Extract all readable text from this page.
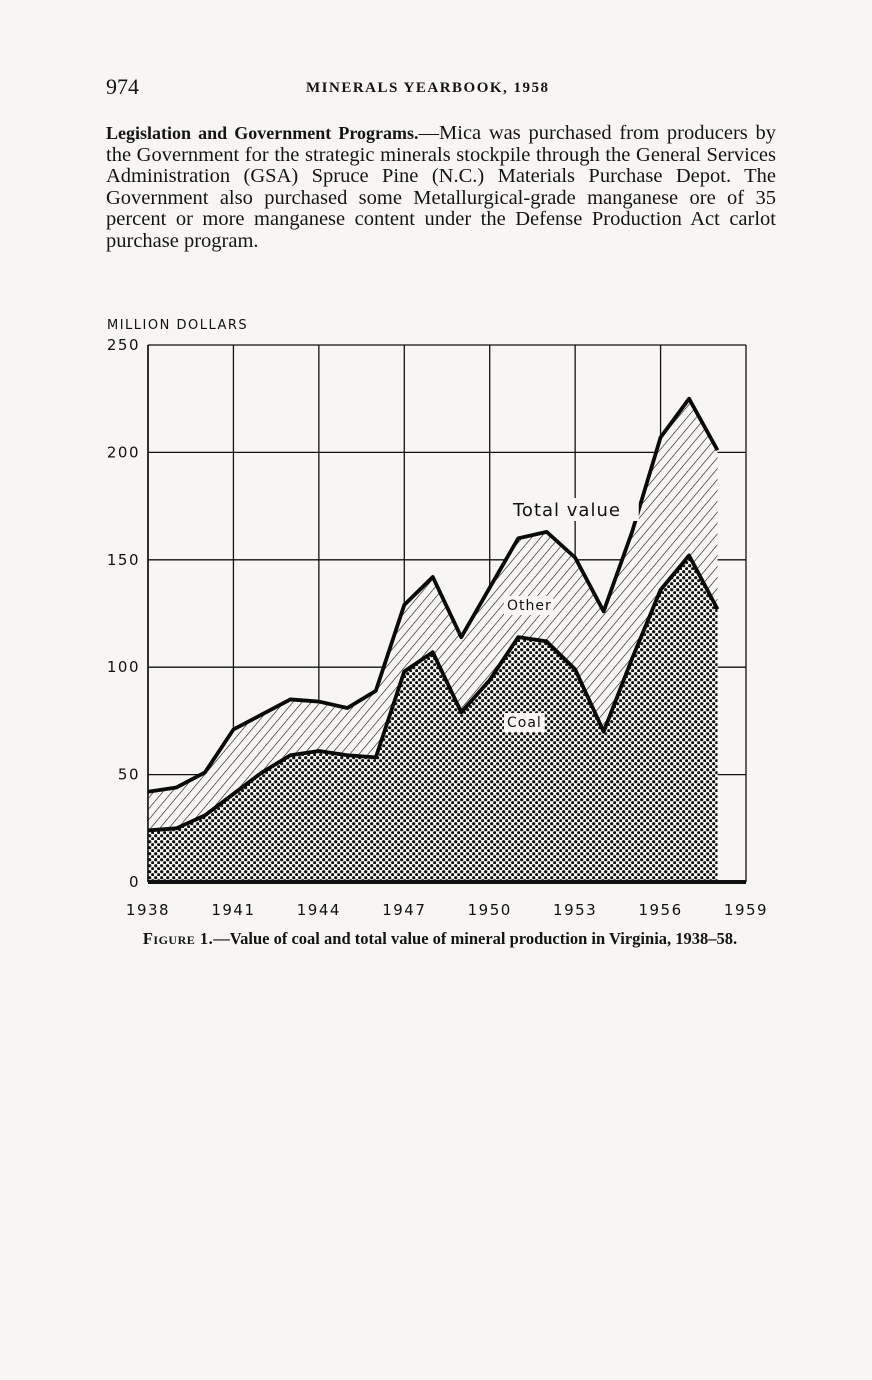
974	MINERALS YEARBOOK, 1958
Legislation and Government Programs.—Mica was purchased from producers by the Government for the strategic minerals stockpile through the General Services Administration (GSA) Spruce Pine (N.C.) Materials Purchase Depot. The Government also purchased some Metallurgical-grade manganese ore of 35 percent or more manganese content under the Defense Production Act carlot purchase program.
MILLION DOLLARS
0
50
100
150
200
250
1938	1941	1944	1947	1950	1953	1956	1959
Total value
Other
Coal
Figure 1.—Value of coal and total value of mineral production in Virginia, 1938–58.
